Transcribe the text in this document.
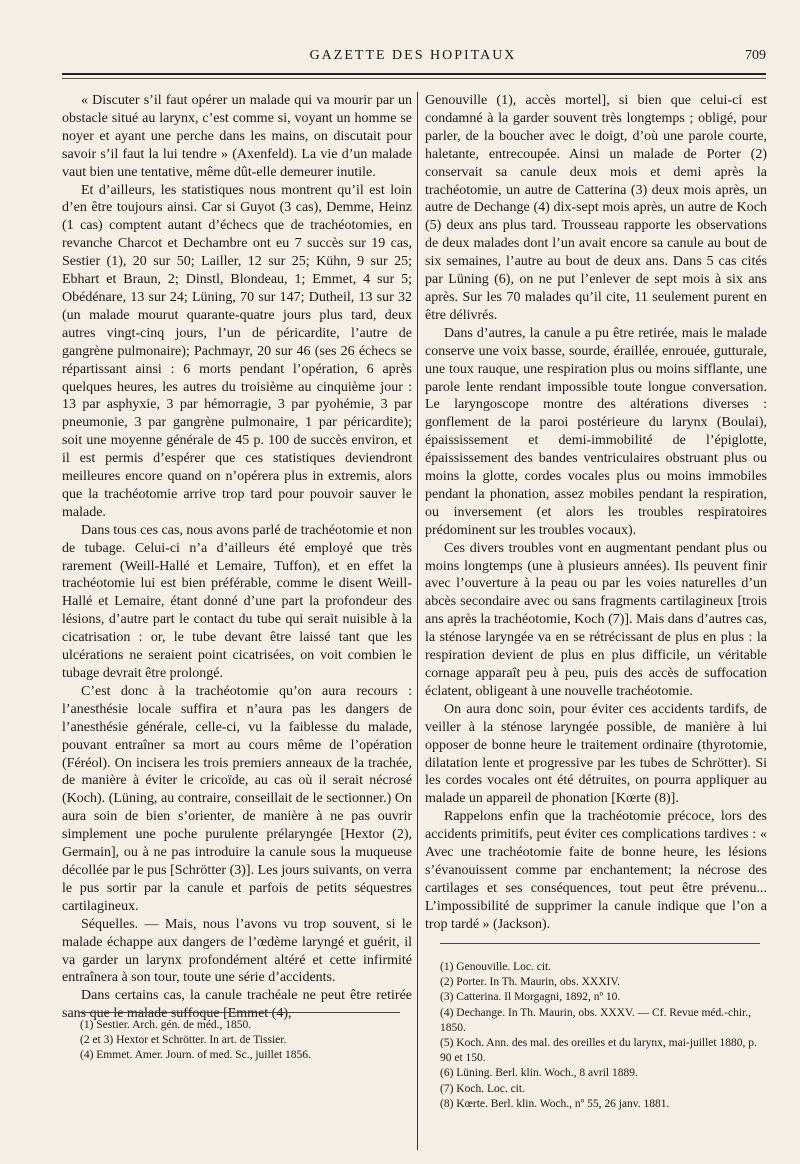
GAZETTE DES HOPITAUX	709

« Discuter s’il faut opérer un malade qui va mourir par un obstacle situé au larynx, c’est comme si, voyant un homme se noyer et ayant une perche dans les mains, on discutait pour savoir s’il faut la lui tendre » (Axenfeld). La vie d’un malade vaut bien une tentative, même dût-elle demeurer inutile.

Et d’ailleurs, les statistiques nous montrent qu’il est loin d’en être toujours ainsi. Car si Guyot (3 cas), Demme, Heinz (1 cas) comptent autant d’échecs que de trachéotomies, en revanche Charcot et Dechambre ont eu 7 succès sur 19 cas, Sestier (1), 20 sur 50; Lailler, 12 sur 25; Kühn, 9 sur 25; Ebhart et Braun, 2; Dinstl, Blondeau, 1; Emmet, 4 sur 5; Obédénare, 13 sur 24; Lüning, 70 sur 147; Dutheil, 13 sur 32 (un malade mourut quarante-quatre jours plus tard, deux autres vingt-cinq jours, l’un de péricardite, l’autre de gangrène pulmonaire); Pachmayr, 20 sur 46 (ses 26 échecs se répartissant ainsi : 6 morts pendant l’opération, 6 après quelques heures, les autres du troisième au cinquième jour : 13 par asphyxie, 3 par hémorragie, 3 par pyohémie, 3 par pneumonie, 3 par gangrène pulmonaire, 1 par péricardite); soit une moyenne générale de 45 p. 100 de succès environ, et il est permis d’espérer que ces statistiques deviendront meilleures encore quand on n’opérera plus in extremis, alors que la trachéotomie arrive trop tard pour pouvoir sauver le malade.

Dans tous ces cas, nous avons parlé de trachéotomie et non de tubage. Celui-ci n’a d’ailleurs été employé que très rarement (Weill-Hallé et Lemaire, Tuffon), et en effet la trachéotomie lui est bien préférable, comme le disent Weill-Hallé et Lemaire, étant donné d’une part la profondeur des lésions, d’autre part le contact du tube qui serait nuisible à la cicatrisation : or, le tube devant être laissé tant que les ulcérations ne seraient point cicatrisées, on voit combien le tubage devrait être prolongé.

C’est donc à la trachéotomie qu’on aura recours : l’anesthésie locale suffira et n’aura pas les dangers de l’anesthésie générale, celle-ci, vu la faiblesse du malade, pouvant entraîner sa mort au cours même de l’opération (Féréol). On incisera les trois premiers anneaux de la trachée, de manière à éviter le cricoïde, au cas où il serait nécrosé (Koch). (Lüning, au contraire, conseillait de le sectionner.) On aura soin de bien s’orienter, de manière à ne pas ouvrir simplement une poche purulente prélaryngée [Hextor (2), Germain], ou à ne pas introduire la canule sous la muqueuse décollée par le pus [Schrötter (3)]. Les jours suivants, on verra le pus sortir par la canule et parfois de petits séquestres cartilagineux.

Séquelles. — Mais, nous l’avons vu trop souvent, si le malade échappe aux dangers de l’œdème laryngé et guérit, il va garder un larynx profondément altéré et cette infirmité entraînera à son tour, toute une série d’accidents.

Dans certains cas, la canule trachéale ne peut être retirée sans que le malade suffoque [Emmet (4),

Genouville (1), accès mortel], si bien que celui-ci est condamné à la garder souvent très longtemps ; obligé, pour parler, de la boucher avec le doigt, d’où une parole courte, haletante, entrecoupée. Ainsi un malade de Porter (2) conservait sa canule deux mois et demi après la trachéotomie, un autre de Catterina (3) deux mois après, un autre de Dechange (4) dix-sept mois après, un autre de Koch (5) deux ans plus tard. Trousseau rapporte les observations de deux malades dont l’un avait encore sa canule au bout de six semaines, l’autre au bout de deux ans. Dans 5 cas cités par Lüning (6), on ne put l’enlever de sept mois à six ans après. Sur les 70 malades qu’il cite, 11 seulement purent en être délivrés.

Dans d’autres, la canule a pu être retirée, mais le malade conserve une voix basse, sourde, éraillée, enrouée, gutturale, une toux rauque, une respiration plus ou moins sifflante, une parole lente rendant impossible toute longue conversation. Le laryngoscope montre des altérations diverses : gonflement de la paroi postérieure du larynx (Boulai), épaississement et demi-immobilité de l’épiglotte, épaississement des bandes ventriculaires obstruant plus ou moins la glotte, cordes vocales plus ou moins immobiles pendant la phonation, assez mobiles pendant la respiration, ou inversement (et alors les troubles respiratoires prédominent sur les troubles vocaux).

Ces divers troubles vont en augmentant pendant plus ou moins longtemps (une à plusieurs années). Ils peuvent finir avec l’ouverture à la peau ou par les voies naturelles d’un abcès secondaire avec ou sans fragments cartilagineux [trois ans après la trachéotomie, Koch (7)]. Mais dans d’autres cas, la sténose laryngée va en se rétrécissant de plus en plus : la respiration devient de plus en plus difficile, un véritable cornage apparaît peu à peu, puis des accès de suffocation éclatent, obligeant à une nouvelle trachéotomie.

On aura donc soin, pour éviter ces accidents tardifs, de veiller à la sténose laryngée possible, de manière à lui opposer de bonne heure le traitement ordinaire (thyrotomie, dilatation lente et progressive par les tubes de Schrötter). Si les cordes vocales ont été détruites, on pourra appliquer au malade un appareil de phonation [Kœrte (8)].

Rappelons enfin que la trachéotomie précoce, lors des accidents primitifs, peut éviter ces complications tardives : « Avec une trachéotomie faite de bonne heure, les lésions s’évanouissent comme par enchantement; la nécrose des cartilages et ses conséquences, tout peut être prévenu... L’impossibilité de supprimer la canule indique que l’on a trop tardé » (Jackson).

(1) Sestier. Arch. gén. de méd., 1850.
(2 et 3) Hextor et Schrötter. In art. de Tissier.
(4) Emmet. Amer. Journ. of med. Sc., juillet 1856.
(1) Genouville. Loc. cit.
(2) Porter. In Th. Maurin, obs. XXXIV.
(3) Catterina. Il Morgagni, 1892, nº 10.
(4) Dechange. In Th. Maurin, obs. XXXV. — Cf. Revue méd.-chir., 1850.
(5) Koch. Ann. des mal. des oreilles et du larynx, mai-juillet 1880, p. 90 et 150.
(6) Lüning. Berl. klin. Woch., 8 avril 1889.
(7) Koch. Loc. cit.
(8) Kœrte. Berl. klin. Woch., nº 55, 26 janv. 1881.
